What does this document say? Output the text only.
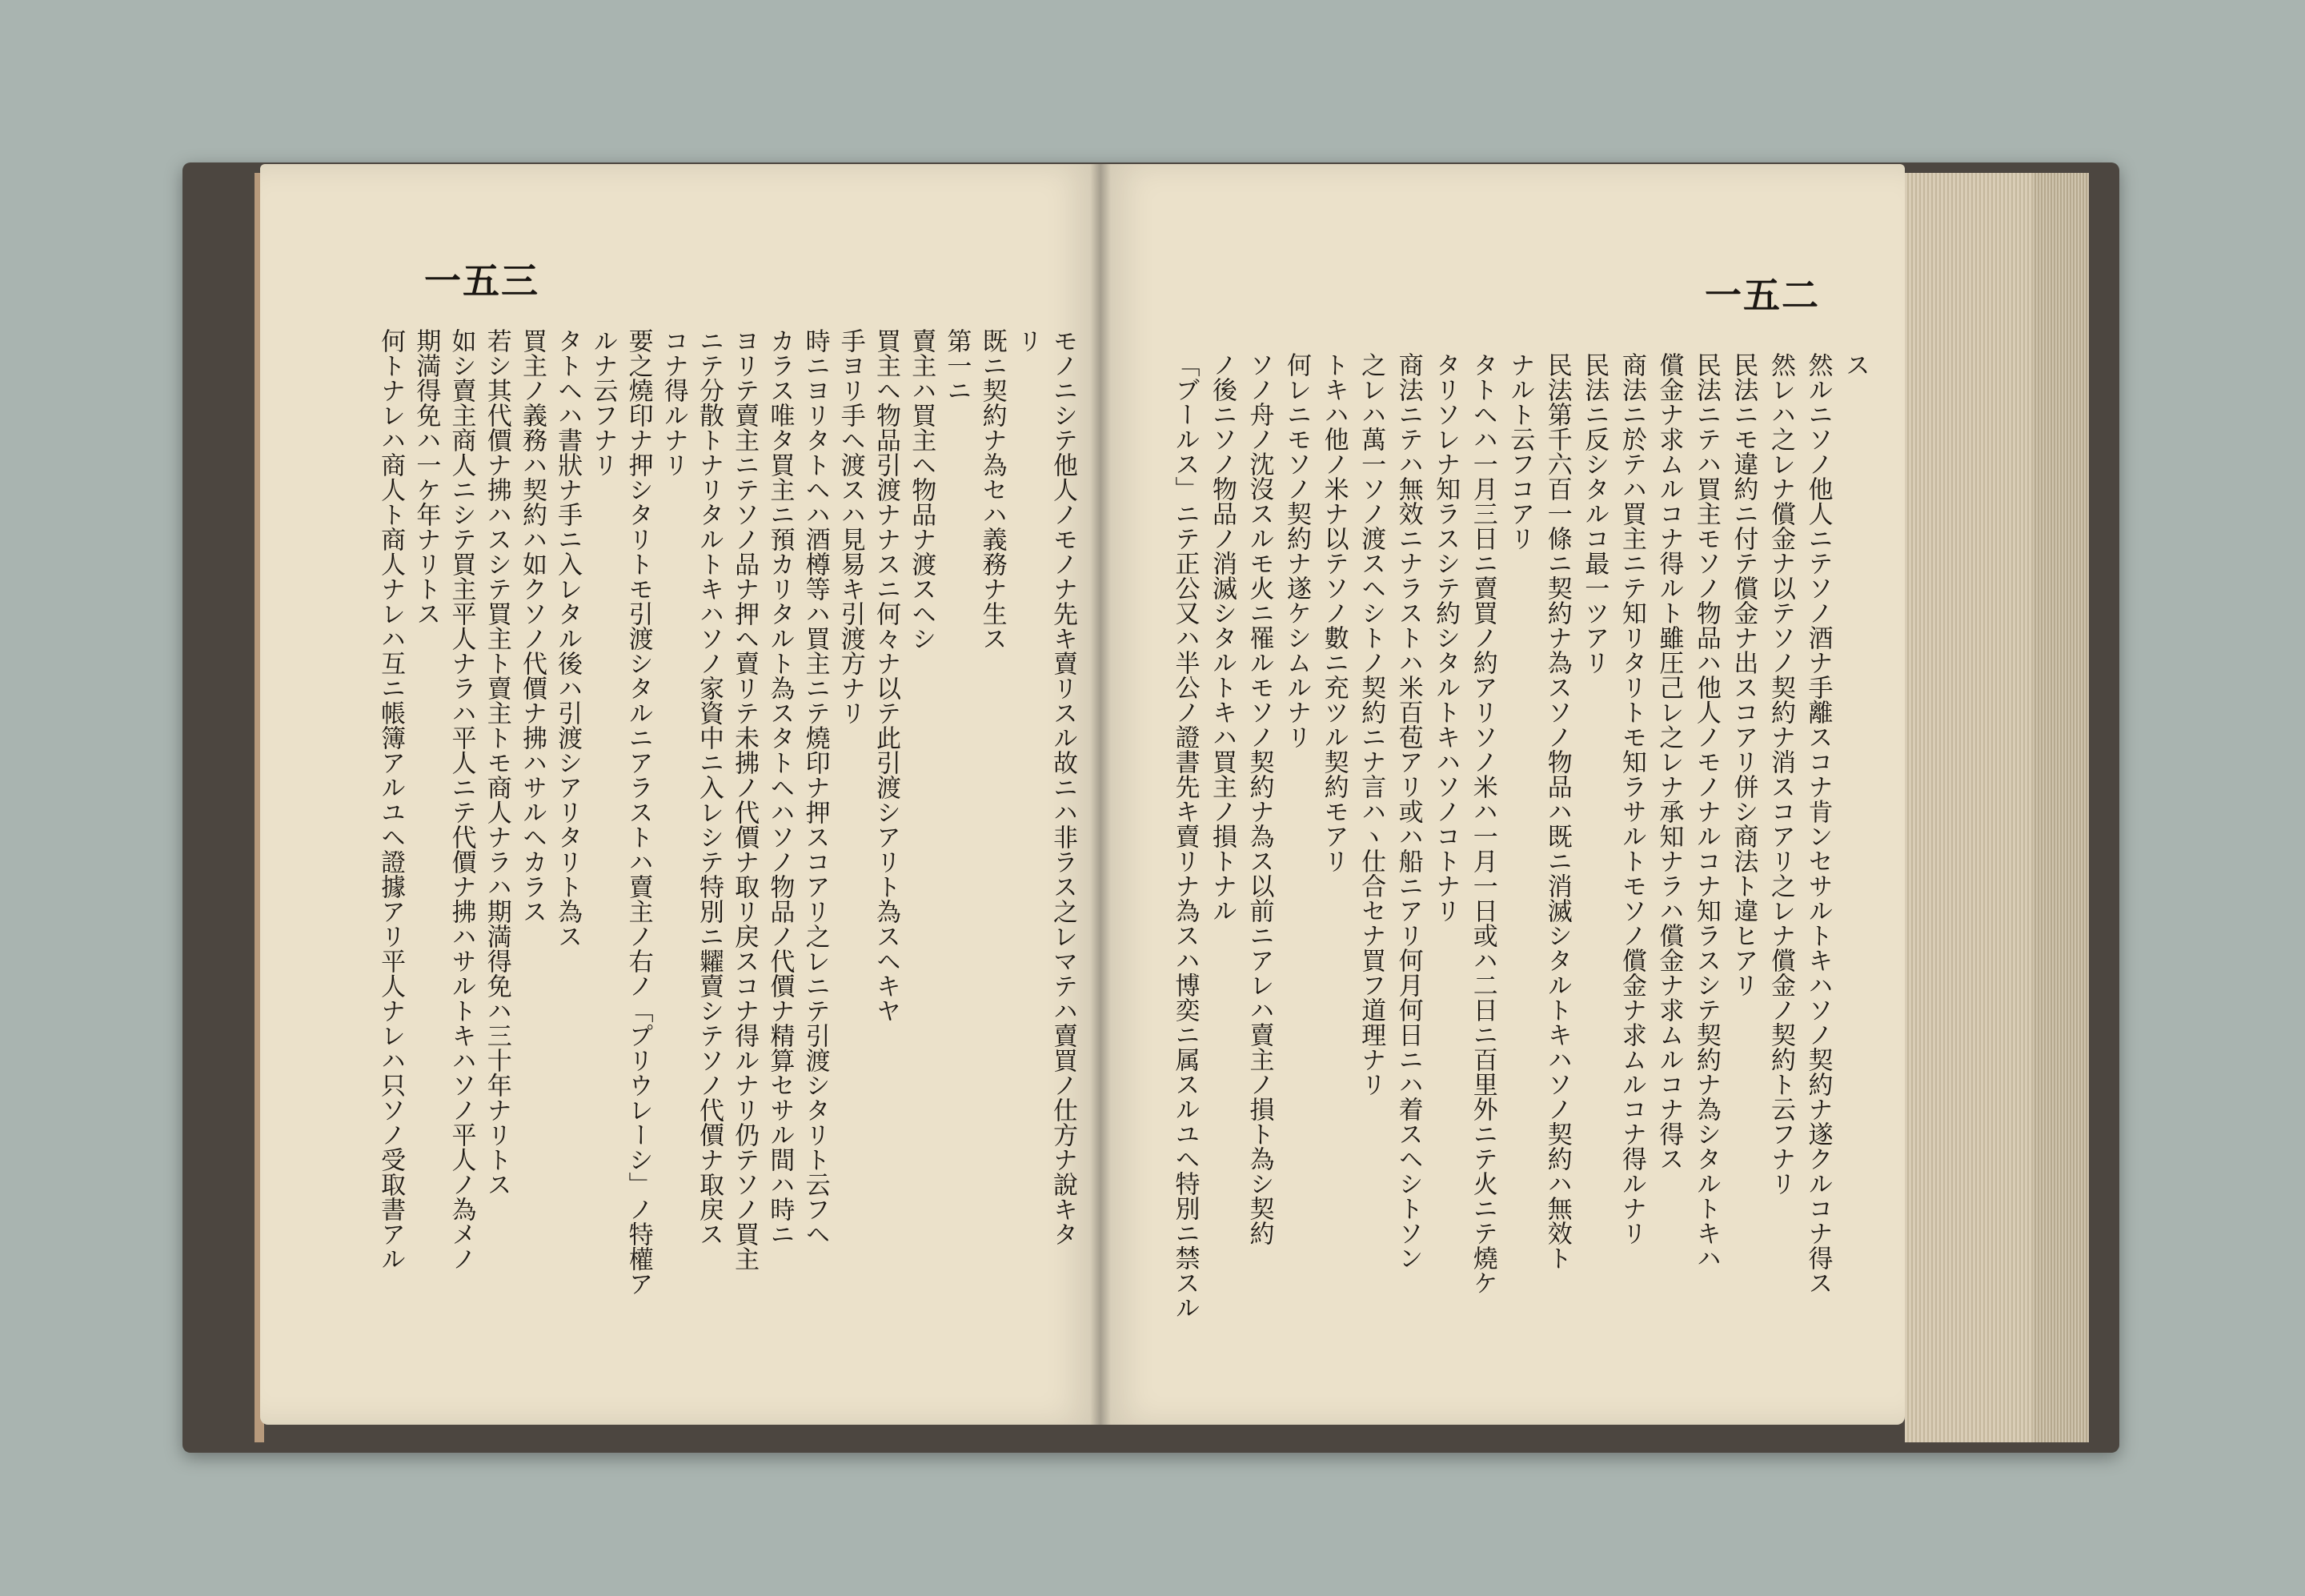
一五三
モノニシテ他人ノモノナ先キ賣リスル故ニハ非ラス之レマテハ賣買ノ仕方ナ說キタ
リ
既ニ契約ナ為セハ義務ナ生ス
第一ニ
賣主ハ買主ヘ物品ナ渡スヘシ
買主ヘ物品引渡ナナスニ何々ナ以テ此引渡シアリト為スヘキヤ
手ヨリ手ヘ渡スハ見易キ引渡方ナリ
時ニヨリタトヘハ酒樽等ハ買主ニテ燒印ナ押スコアリ之レニテ引渡シタリト云フヘ
カラス唯タ買主ニ預カリタルト為スタトヘハソノ物品ノ代價ナ精算セサル間ハ時ニ
ヨリテ賣主ニテソノ品ナ押ヘ賣リテ未拂ノ代價ナ取リ戻スコナ得ルナリ仍テソノ買主
ニテ分散トナリタルトキハソノ家資中ニ入レシテ特別ニ糶賣シテソノ代價ナ取戻ス
コナ得ルナリ
要之燒印ナ押シタリトモ引渡シタルニアラストハ賣主ノ右ノ「プリウレーシ」ノ特權ア
ルナ云フナリ
タトヘハ書狀ナ手ニ入レタル後ハ引渡シアリタリト為ス
買主ノ義務ハ契約ハ如クソノ代價ナ拂ハサルヘカラス
若シ其代價ナ拂ハスシテ買主ト賣主トモ商人ナラハ期満得免ハ三十年ナリトス
如シ賣主商人ニシテ買主平人ナラハ平人ニテ代價ナ拂ハサルトキハソノ平人ノ為メノ
期満得免ハ一ケ年ナリトス
何トナレハ商人ト商人ナレハ互ニ帳簿アルユヘ證據アリ平人ナレハ只ソノ受取書アル
一五二
ス
然ルニソノ他人ニテソノ酒ナ手離スコナ肯ンセサルトキハソノ契約ナ遂クルコナ得ス
然レハ之レナ償金ナ以テソノ契約ナ消スコアリ之レナ償金ノ契約ト云フナリ
民法ニモ違約ニ付テ償金ナ出スコアリ併シ商法ト違ヒアリ
民法ニテハ買主モソノ物品ハ他人ノモノナルコナ知ラスシテ契約ナ為シタルトキハ
償金ナ求ムルコナ得ルト雖圧己レ之レナ承知ナラハ償金ナ求ムルコナ得ス
商法ニ於テハ買主ニテ知リタリトモ知ラサルトモソノ償金ナ求ムルコナ得ルナリ
民法ニ反シタルコ最一ツアリ
民法第千六百一條ニ契約ナ為スソノ物品ハ既ニ消滅シタルトキハソノ契約ハ無效ト
ナルト云フコアリ
タトヘハ一月三日ニ賣買ノ約アリソノ米ハ一月一日或ハ二日ニ百里外ニテ火ニテ燒ケ
タリソレナ知ラスシテ約シタルトキハソノコトナリ
商法ニテハ無效ニナラストハ米百苞アリ或ハ船ニアリ何月何日ニハ着スヘシトソン
之レハ萬一ソノ渡スヘシトノ契約ニナ言ハヽ仕合セナ買フ道理ナリ
トキハ他ノ米ナ以テソノ數ニ充ツル契約モアリ
何レニモソノ契約ナ遂ケシムルナリ
ソノ舟ノ沈沒スルモ火ニ罹ルモソノ契約ナ為ス以前ニアレハ賣主ノ損ト為シ契約
ノ後ニソノ物品ノ消滅シタルトキハ買主ノ損トナル
「ブールス」ニテ正公又ハ半公ノ證書先キ賣リナ為スハ博奕ニ属スルユヘ特別ニ禁スル
